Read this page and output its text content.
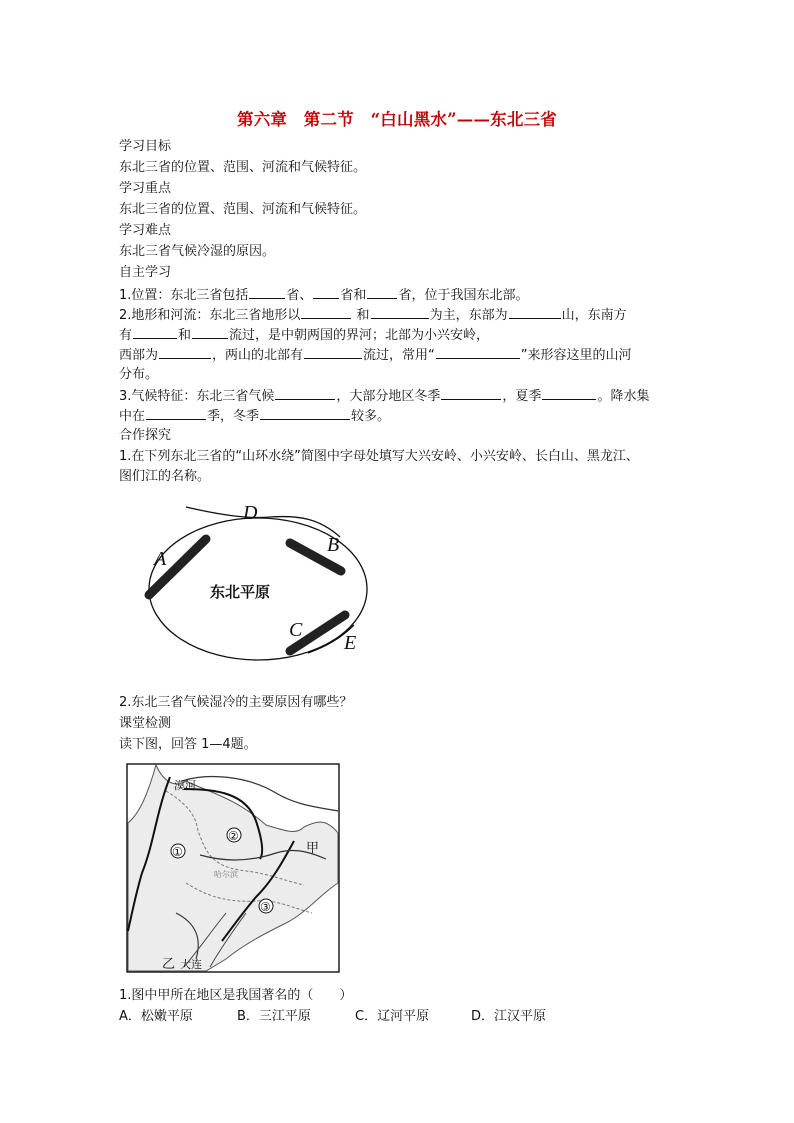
第六章　第二节　“白山黑水”——东北三省
学习目标
东北三省的位置、范围、河流和气候特征。
学习重点
东北三省的位置、范围、河流和气候特征。
学习难点
东北三省气候冷湿的原因。
自主学习
1.位置：东北三省包括	省、 省和 省，位于我国东北部。
2.地形和河流：东北三省地形以	和	为主，东部为	山，东南方
有	和	流过，是中朝两国的界河；北部为小兴安岭，
西部为	，两山的北部有	流过，常用“	”来形容这里的山河
分布。
3.气候特征：东北三省气候	，大部分地区冬季	，夏季	。降水集
中在	季，冬季	较多。
合作探究
1.在下列东北三省的“山环水绕”简图中字母处填写大兴安岭、小兴安岭、长白山、黑龙江、
图们江的名称。
东北平原
A
B
C
D
E
2.东北三省气候湿冷的主要原因有哪些？
课堂检测
读下图，回答 1—4题。
漠河
②
①
③
甲
哈尔滨
乙 大连
1.图中甲所在地区是我国著名的（　　）
A．松嫩平原	B．三江平原	C．辽河平原	D．江汉平原
